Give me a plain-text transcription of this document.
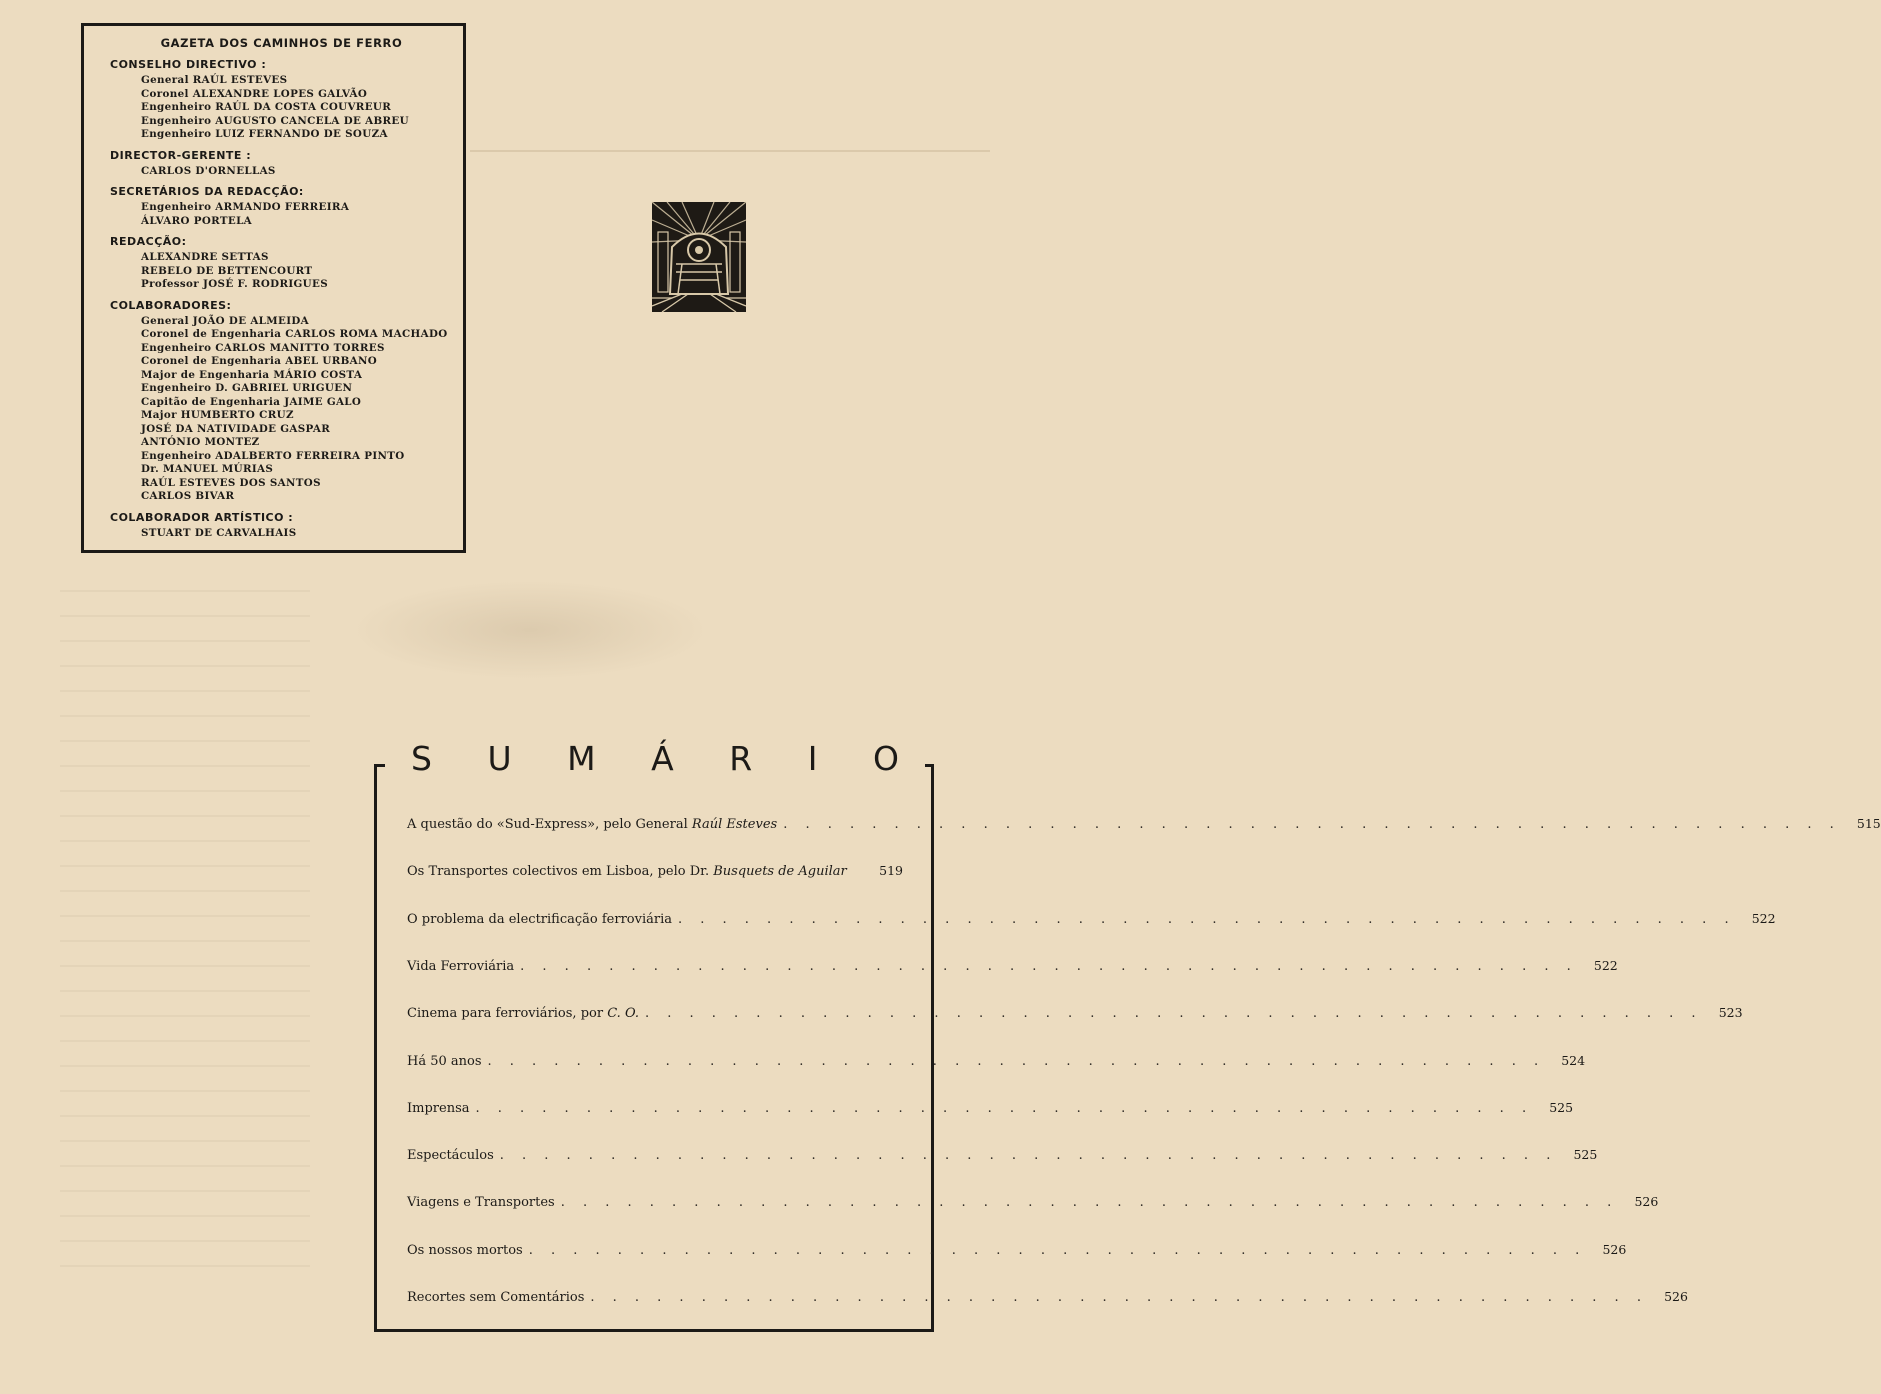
GAZETA DOS CAMINHOS DE FERRO
CONSELHO DIRECTIVO :
General RAÚL ESTEVES
Coronel ALEXANDRE LOPES GALVÃO
Engenheiro RAÚL DA COSTA COUVREUR
Engenheiro AUGUSTO CANCELA DE ABREU
Engenheiro LUIZ FERNANDO DE SOUZA
DIRECTOR-GERENTE :
CARLOS D'ORNELLAS
SECRETÁRIOS DA REDACÇÃO:
Engenheiro ARMANDO FERREIRA
ÁLVARO PORTELA
REDACÇÃO:
ALEXANDRE SETTAS
REBELO DE BETTENCOURT
Professor JOSÉ F. RODRIGUES
COLABORADORES:
General JOÃO DE ALMEIDA
Coronel de Engenharia CARLOS ROMA MACHADO
Engenheiro CARLOS MANITTO TORRES
Coronel de Engenharia ABEL URBANO
Major de Engenharia MÁRIO COSTA
Engenheiro D. GABRIEL URIGUEN
Capitão de Engenharia JAIME GALO
Major HUMBERTO CRUZ
JOSÉ DA NATIVIDADE GASPAR
ANTÓNIO MONTEZ
Engenheiro ADALBERTO FERREIRA PINTO
Dr. MANUEL MÚRIAS
RAÚL ESTEVES DOS SANTOS
CARLOS BIVAR
COLABORADOR ARTÍSTICO :
STUART DE CARVALHAIS
S U M Á R I O
A questão do «Sud-Express», pelo General Raúl Esteves . . . . . . . . . . . . . . . . . . . . . . . . . . . . . . . . . . . . . . . . . . . . . . . .	515
Os Transportes colectivos em Lisboa, pelo Dr. Busquets de Aguilar	519
O problema da electrificação ferroviária . . . . . . . . . . . . . . . . . . . . . . . . . . . . . . . . . . . . . . . . . . . . . . . .	522
Vida Ferroviária . . . . . . . . . . . . . . . . . . . . . . . . . . . . . . . . . . . . . . . . . . . . . . . .	522
Cinema para ferroviários, por C. O. . . . . . . . . . . . . . . . . . . . . . . . . . . . . . . . . . . . . . . . . . . . . . . . .	523
Há 50 anos . . . . . . . . . . . . . . . . . . . . . . . . . . . . . . . . . . . . . . . . . . . . . . . .	524
Imprensa . . . . . . . . . . . . . . . . . . . . . . . . . . . . . . . . . . . . . . . . . . . . . . . .	525
Espectáculos . . . . . . . . . . . . . . . . . . . . . . . . . . . . . . . . . . . . . . . . . . . . . . . .	525
Viagens e Transportes . . . . . . . . . . . . . . . . . . . . . . . . . . . . . . . . . . . . . . . . . . . . . . . .	526
Os nossos mortos . . . . . . . . . . . . . . . . . . . . . . . . . . . . . . . . . . . . . . . . . . . . . . . .	526
Recortes sem Comentários . . . . . . . . . . . . . . . . . . . . . . . . . . . . . . . . . . . . . . . . . . . . . . . .	526
